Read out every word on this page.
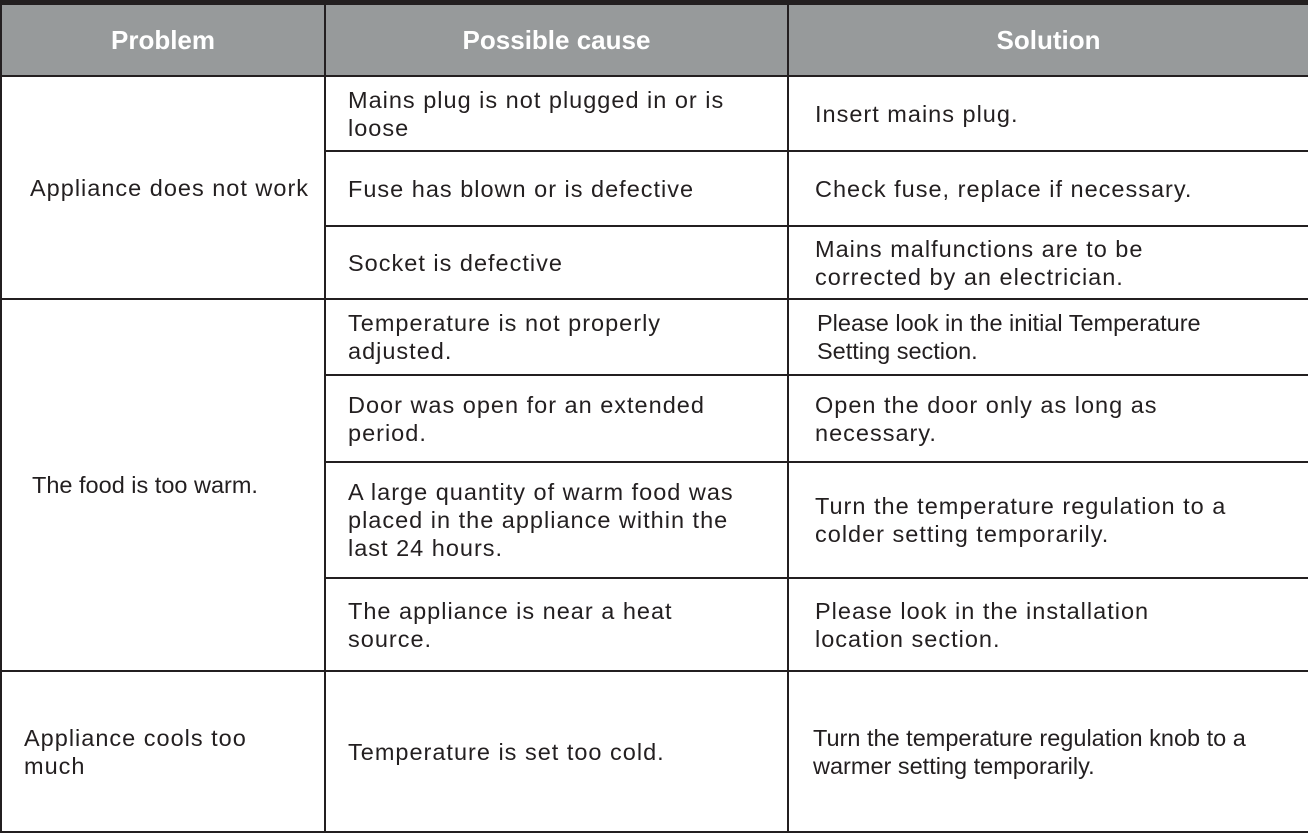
Problem	Possible cause	Solution
Appliance does not work	Mains plug is not plugged in or is loose	Insert mains plug.
	Fuse has blown or is defective	Check fuse, replace if necessary.
	Socket is defective	Mains malfunctions are to be corrected by an electrician.
The food is too warm.	Temperature is not properly adjusted.	Please look in the initial Temperature Setting section.
	Door was open for an extended period.	Open the door only as long as necessary.
	A large quantity of warm food was placed in the appliance within the last 24 hours.	Turn the temperature regulation to a colder setting temporarily.
	The appliance is near a heat source.	Please look in the installation location section.
Appliance cools too much	Temperature is set too cold.	Turn the temperature regulation knob to a warmer setting temporarily.
